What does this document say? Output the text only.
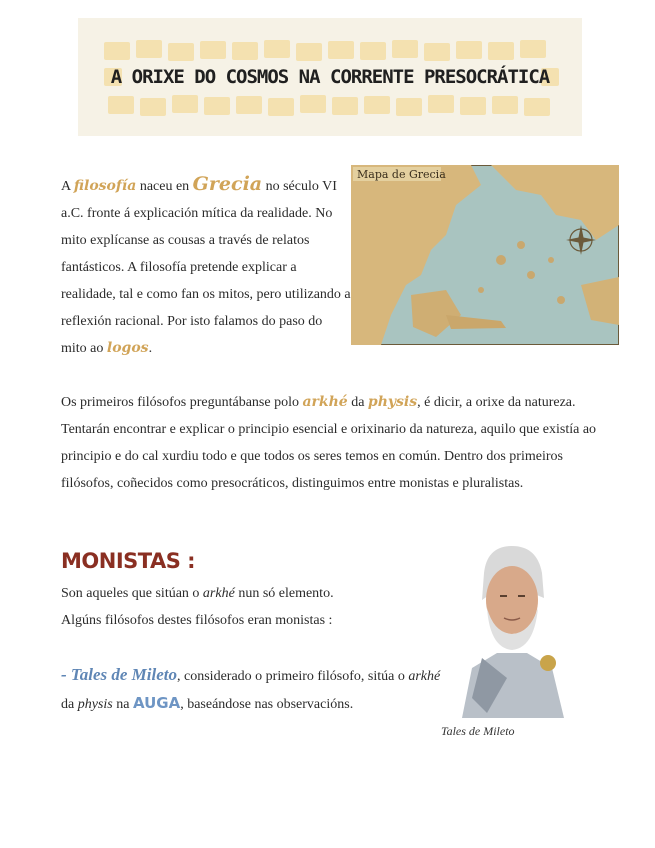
A ORIXE DO COSMOS NA CORRENTE PRESOCRÁTICA
A filosofía naceu en Grecia no século VI a.C. fronte á explicación mítica da realidade. No mito explícanse as cousas a través de relatos fantásticos. A filosofía pretende explicar a realidade, tal e como fan os mitos, pero utilizando a reflexión racional. Por isto falamos do paso do mito ao logos.
Mapa de Grecia
Os primeiros filósofos preguntábanse polo arkhé da physis, é dicir, a orixe da natureza. Tentarán encontrar e explicar o principio esencial e orixinario da natureza, aquilo que existía ao principio e do cal xurdiu todo e que todos os seres temos en común. Dentro dos primeiros filósofos, coñecidos como presocráticos, distinguimos entre monistas e pluralistas.
MONISTAS :
Son aqueles que sitúan o arkhé nun só elemento.
Algúns filósofos destes filósofos eran monistas :
- Tales de Mileto, considerado o primeiro filósofo, sitúa o arkhé da physis na AUGA, baseándose nas observacións.
Tales de Mileto
